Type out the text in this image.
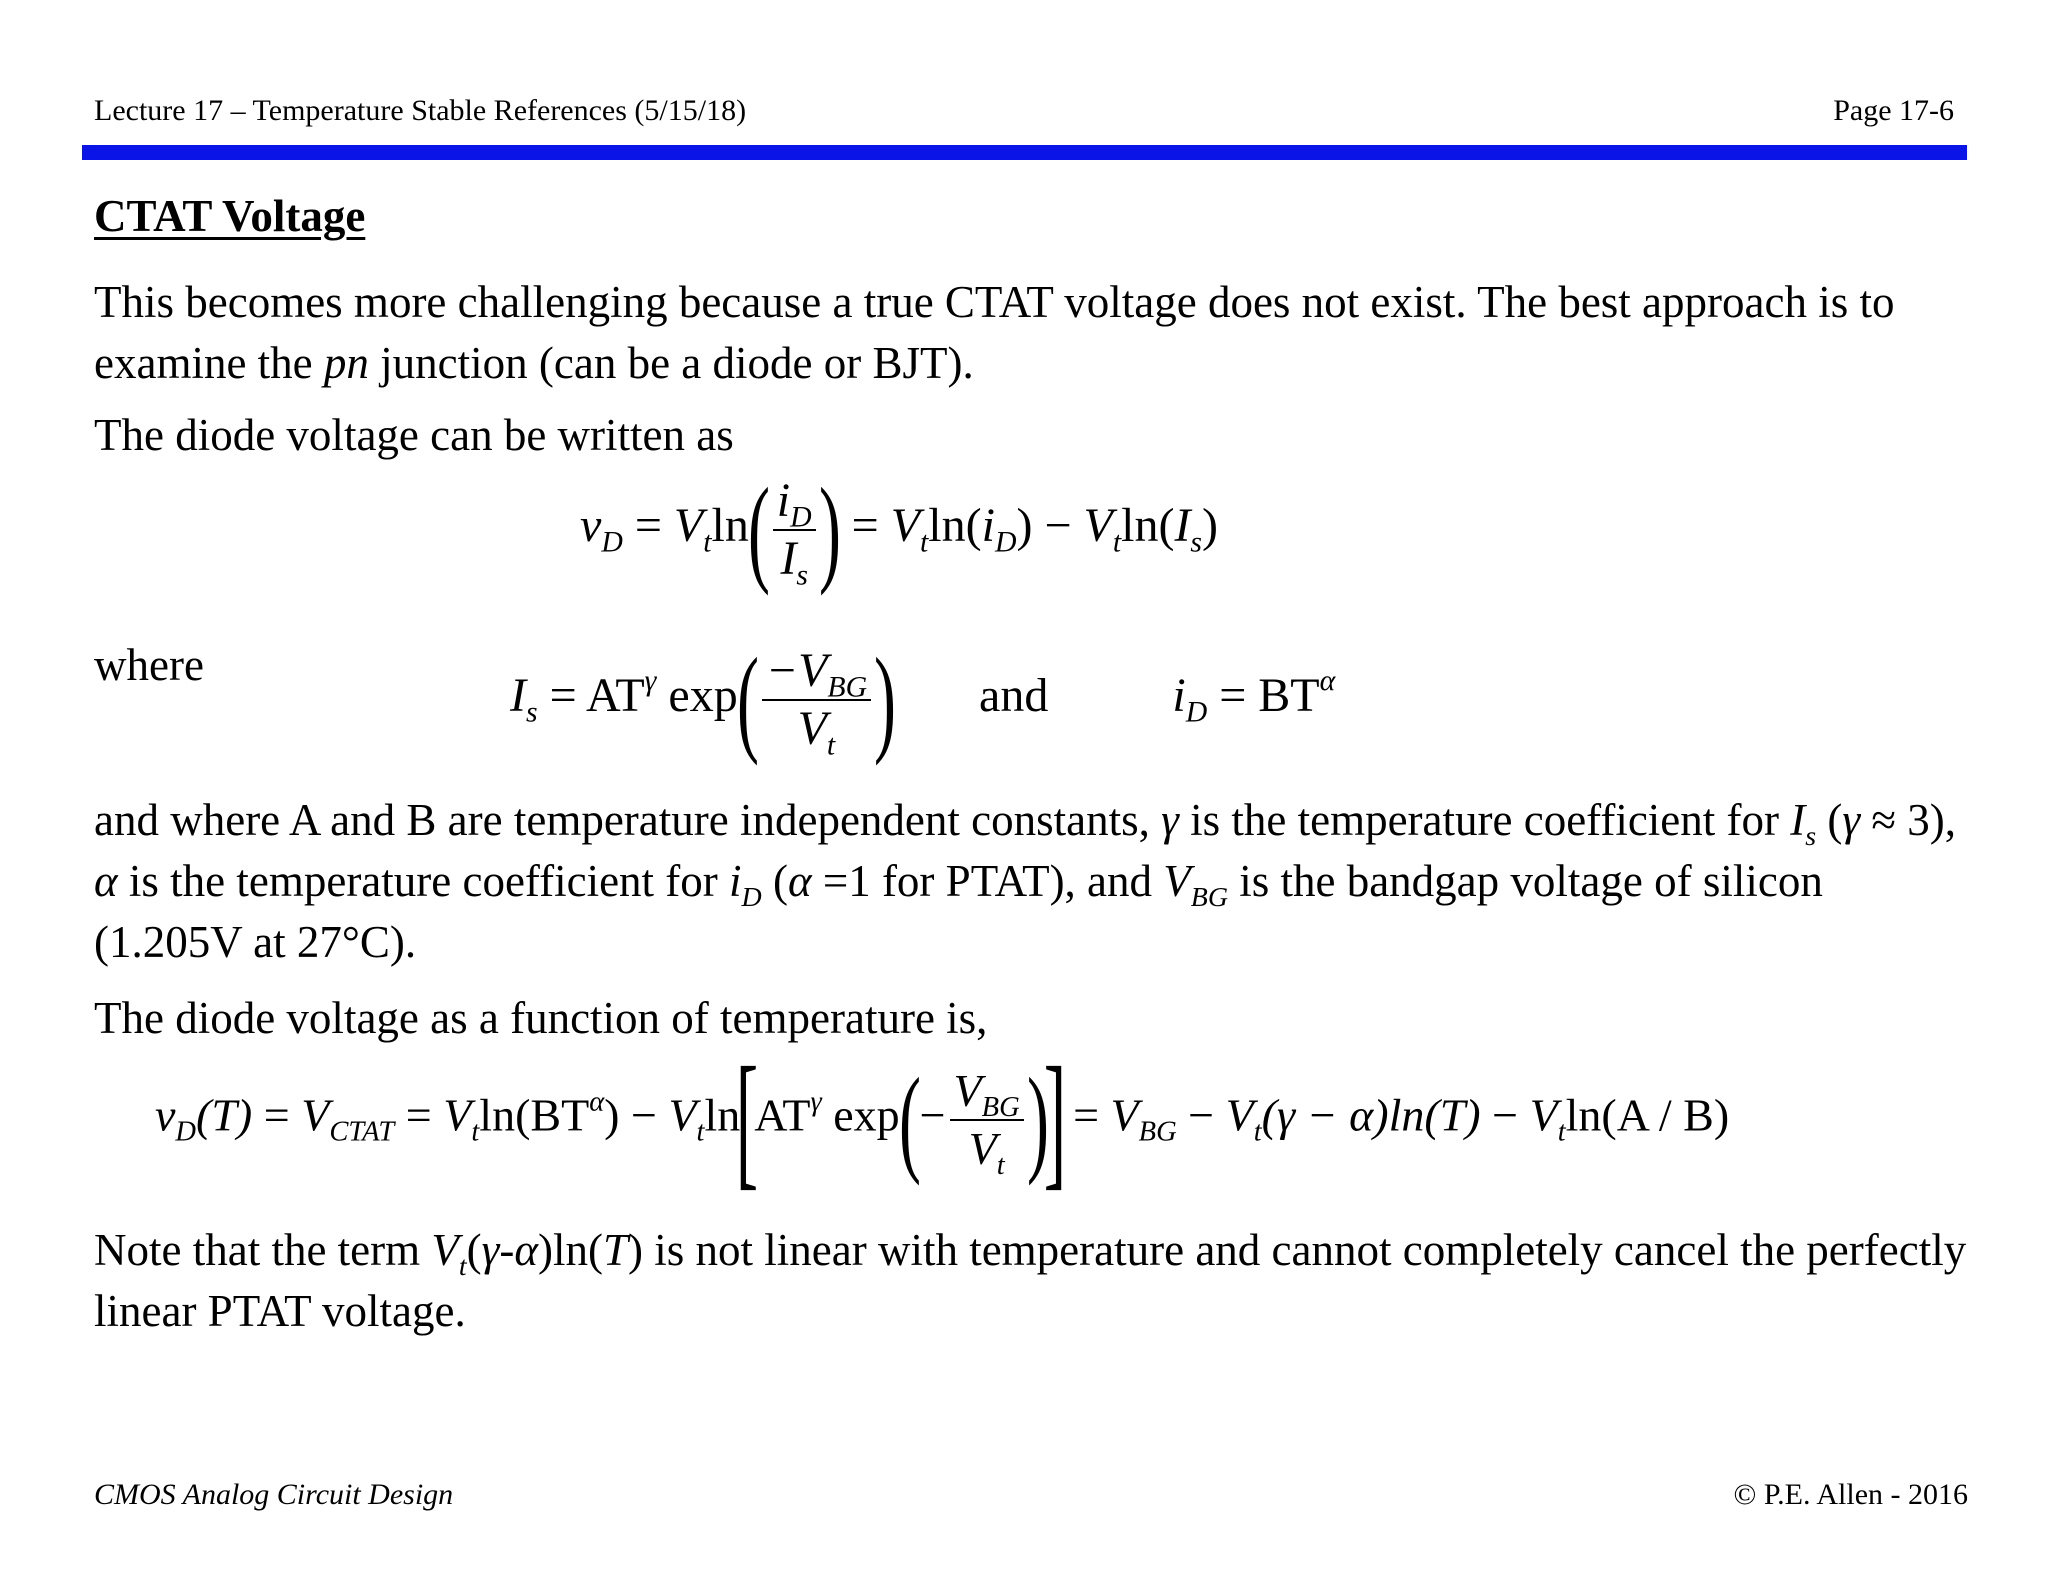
Lecture 17 – Temperature Stable References (5/15/18)	Page 17-6
CTAT Voltage
This becomes more challenging because a true CTAT voltage does not exist. The best approach is to examine the pn junction (can be a diode or BJT).
The diode voltage can be written as
$v_D = V_t\ln( \frac{i_D}{I_s}$ ) = $V_t\ln(i_D) - V_t\ln(I_s)$
where
$I_s = AT^\gamma$ $\exp( \frac{-V_{BG}}{V_t}$ ) and	$i_D = BT^\alpha$
and where A and B are temperature independent constants, γ is the temperature coefficient for $I_s$ (γ ≈ 3), α is the temperature coefficient for $i_D$ (α =1 for PTAT), and $V_{BG}$ is the bandgap voltage of silicon (1.205V at 27°C).
The diode voltage as a function of temperature is,
$v_D(T) = V_{CTAT} = V_t\ln(BT^\alpha) - V_t\ln[AT^\gamma$ $\exp(- \frac{V_{BG}}{V_t}$ )] = $V_{BG} - V_t(\gamma - \alpha)\ln(T) - V_t\ln(A / B)$
Note that the term $V_t(\gamma-\alpha)\ln(T)$ is not linear with temperature and cannot completely cancel the perfectly linear PTAT voltage.
CMOS Analog Circuit Design	© P.E. Allen - 2016
